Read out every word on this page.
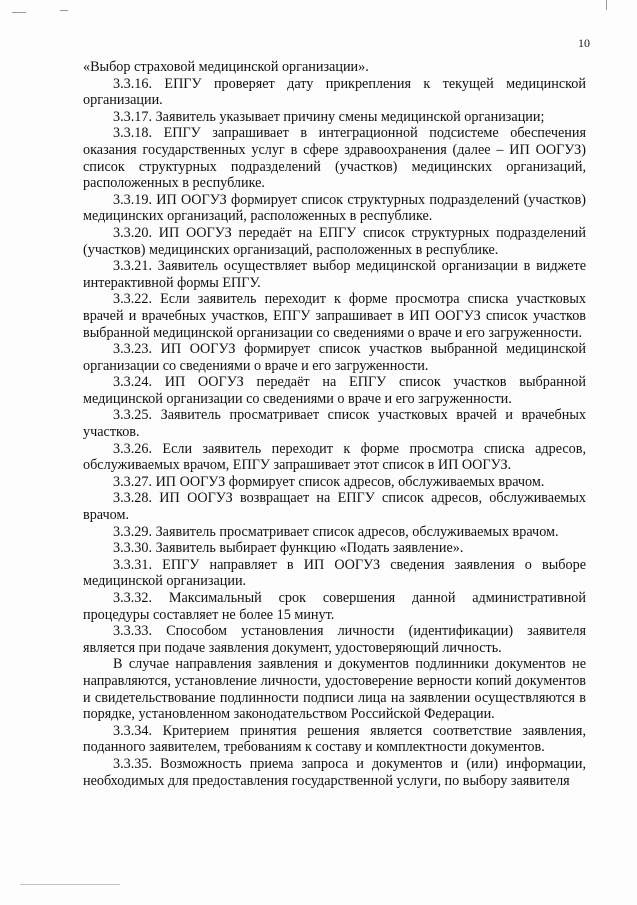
10

«Выбор страховой медицинской организации».

3.3.16. ЕПГУ проверяет дату прикрепления к текущей медицинской организации.

3.3.17. Заявитель указывает причину смены медицинской организации;

3.3.18. ЕПГУ запрашивает в интеграционной подсистеме обеспечения оказания государственных услуг в сфере здравоохранения (далее – ИП ООГУЗ) список структурных подразделений (участков) медицинских организаций, расположенных в республике.

3.3.19. ИП ООГУЗ формирует список структурных подразделений (участков) медицинских организаций, расположенных в республике.

3.3.20. ИП ООГУЗ передаёт на ЕПГУ список структурных подразделений (участков) медицинских организаций, расположенных в республике.

3.3.21. Заявитель осуществляет выбор медицинской организации в виджете интерактивной формы ЕПГУ.

3.3.22. Если заявитель переходит к форме просмотра списка участковых врачей и врачебных участков, ЕПГУ запрашивает в ИП ООГУЗ список участков выбранной медицинской организации со сведениями о враче и его загруженности.

3.3.23. ИП ООГУЗ формирует список участков выбранной медицинской организации со сведениями о враче и его загруженности.

3.3.24. ИП ООГУЗ передаёт на ЕПГУ список участков выбранной медицинской организации со сведениями о враче и его загруженности.

3.3.25. Заявитель просматривает список участковых врачей и врачебных участков.

3.3.26. Если заявитель переходит к форме просмотра списка адресов, обслуживаемых врачом, ЕПГУ запрашивает этот список в ИП ООГУЗ.

3.3.27. ИП ООГУЗ формирует список адресов, обслуживаемых врачом.

3.3.28. ИП ООГУЗ возвращает на ЕПГУ список адресов, обслуживаемых врачом.

3.3.29. Заявитель просматривает список адресов, обслуживаемых врачом.

3.3.30. Заявитель выбирает функцию «Подать заявление».

3.3.31. ЕПГУ направляет в ИП ООГУЗ сведения заявления о выборе медицинской организации.

3.3.32. Максимальный срок совершения данной административной процедуры составляет не более 15 минут.

3.3.33. Способом установления личности (идентификации) заявителя является при подаче заявления документ, удостоверяющий личность.

В случае направления заявления и документов подлинники документов не направляются, установление личности, удостоверение верности копий документов и свидетельствование подлинности подписи лица на заявлении осуществляются в порядке, установленном законодательством Российской Федерации.

3.3.34. Критерием принятия решения является соответствие заявления, поданного заявителем, требованиям к составу и комплектности документов.

3.3.35. Возможность приема запроса и документов и (или) информации, необходимых для предоставления государственной услуги, по выбору заявителя
